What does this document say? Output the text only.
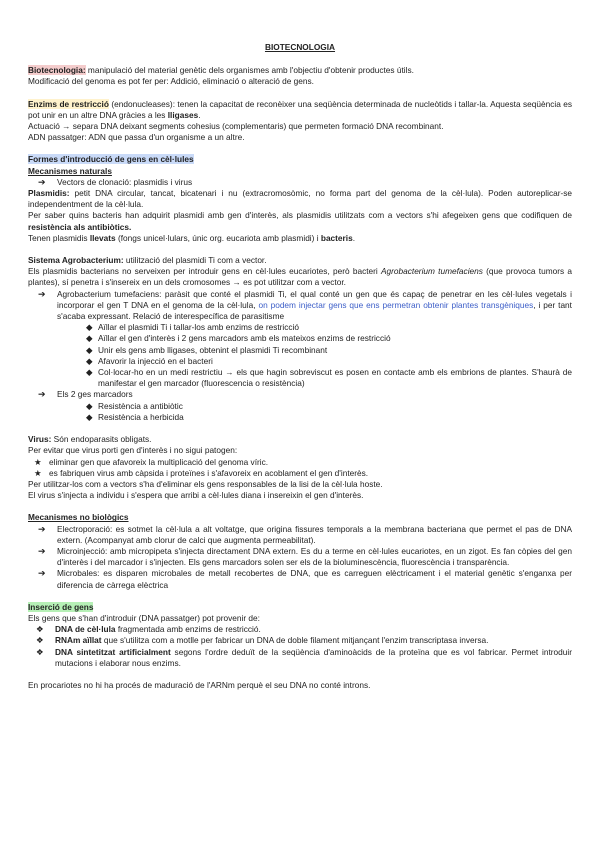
BIOTECNOLOGIA

Biotecnologia: manipulació del material genètic dels organismes amb l'objectiu d'obtenir productes útils.

Modificació del genoma es pot fer per: Addició, eliminació o alteració de gens.

Enzims de restricció (endonucleases): tenen la capacitat de reconèixer una seqüència determinada de nucleòtids i tallar-la. Aquesta seqüència es pot unir en un altre DNA gràcies a les lligases.

Actuació → separa DNA deixant segments cohesius (complementaris) que permeten formació DNA recombinant.

ADN passatger: ADN que passa d'un organisme a un altre.

Formes d'introducció de gens en cèl·lules

Mecanismes naturals

➔	Vectors de clonació: plasmidis i virus

Plasmidis: petit DNA circular, tancat, bicatenari i nu (extracromosòmic, no forma part del genoma de la cèl·lula). Poden autoreplicar-se independentment de la cèl·lula.

Per saber quins bacteris han adquirit plasmidi amb gen d'interès, als plasmidis utilitzats com a vectors s'hi afegeixen gens que codifiquen de resistència als antibiòtics.

Tenen plasmidis llevats (fongs unicel·lulars, únic org. eucariota amb plasmidi) i bacteris.

Sistema Agrobacterium: utilització del plasmidi Ti com a vector.

Els plasmidis bacterians no serveixen per introduir gens en cèl·lules eucariotes, però bacteri Agrobacterium tumefaciens (que provoca tumors a plantes), sí penetra i s'insereix en un dels cromosomes → es pot utilitzar com a vector.

➔	Agrobacterium tumefaciens: paràsit que conté el plasmidi Ti, el qual conté un gen que és capaç de penetrar en les cèl·lules vegetals i incorporar el gen T DNA en el genoma de la cèl·lula, on podem injectar gens que ens permetran obtenir plantes transgèniques, i per tant s'acaba expressant. Relació de interespecífica de parasitisme
◆ Aïllar el plasmidi Ti i tallar-los amb enzims de restricció
◆ Aïllar el gen d'interès i 2 gens marcadors amb els mateixos enzims de restricció
◆ Unir els gens amb lligases, obtenint el plasmidi Ti recombinant
◆ Afavorir la injecció en el bacteri
◆ Col·locar-ho en un medi restrictiu → els que hagin sobreviscut es posen en contacte amb els embrions de plantes. S'haurà de manifestar el gen marcador (fluorescencia o resistència)
➔	Els 2 ges marcadors
◆ Resistència a antibiòtic
◆ Resistència a herbicida

Virus: Són endoparasits obligats.

Per evitar que virus porti gen d'interès i no sigui patogen:

★ eliminar gen que afavoreix la multiplicació del genoma víric.
★ es fabriquen virus amb càpsida i proteïnes i s'afavoreix en acoblament el gen d'interès.

Per utilitzar-los com a vectors s'ha d'eliminar els gens responsables de la lisi de la cèl·lula hoste.

El virus s'injecta a individu i s'espera que arribi a cèl·lules diana i insereixin el gen d'interès.

Mecanismes no biològics

➔	Electroporació: es sotmet la cèl·lula a alt voltatge, que origina fissures temporals a la membrana bacteriana que permet el pas de DNA extern. (Acompanyat amb clorur de calci que augmenta permeabilitat).
➔	Microinjecció: amb micropipeta s'injecta directament DNA extern. Es du a terme en cèl·lules eucariotes, en un zigot. Es fan còpies del gen d'interès i del marcador i s'injecten. Els gens marcadors solen ser els de la bioluminescència, fluorescència i transparència.
➔	Microbales: es disparen microbales de metall recobertes de DNA, que es carreguen elèctricament i el material genètic s'enganxa per diferencia de càrrega elèctrica

Inserció de gens

Els gens que s'han d'introduir (DNA passatger) pot provenir de:

❖	DNA de cèl·lula fragmentada amb enzims de restricció.
❖	RNAm aïllat que s'utilitza com a motlle per fabricar un DNA de doble filament mitjançant l'enzim transcriptasa inversa.
❖	DNA sintetitzat artificialment segons l'ordre deduït de la seqüència d'aminoàcids de la proteïna que es vol fabricar. Permet introduir mutacions i elaborar nous enzims.

En procariotes no hi ha procés de maduració de l'ARNm perquè el seu DNA no conté introns.
